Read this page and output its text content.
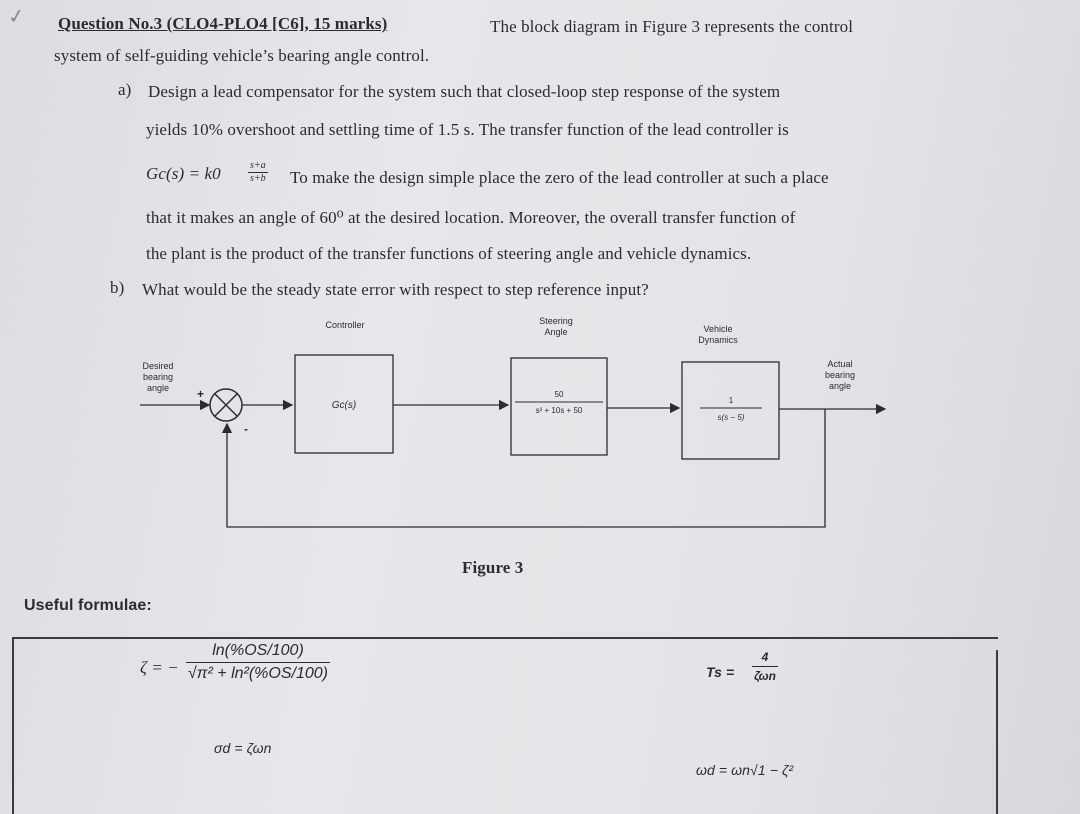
✓ Question No.3 (CLO4-PLO4 [C6], 15 marks)	The block diagram in Figure 3 represents the control
system of self-guiding vehicle’s bearing angle control.
a) Design a lead compensator for the system such that closed-loop step response of the system
yields 10% overshoot and settling time of 1.5 s. The transfer function of the lead controller is
Gc(s) = k0	$\frac{s+a}{s+b}$ To make the design simple place the zero of the lead controller at such a place
that it makes an angle of 60⁰ at the desired location. Moreover, the overall transfer function of
the plant is the product of the transfer functions of steering angle and vehicle dynamics.
b) What would be the steady state error with respect to step reference input?
Controller	Steering
Angle	Vehicle
Dynamics
Desired
bearing
angle
Actual
bearing
angle
+
-
Gc(s)
50
s² + 10s + 50
1
s(s − 5)
Figure 3
Useful formulae:
ζ = − $\frac{\ln(\%OS/100)}{\text{√π² + ln²(\%OS/100)}}$	Ts =
4
ζωn
σd = ζωn
ωd = ωn√1 − ζ²
